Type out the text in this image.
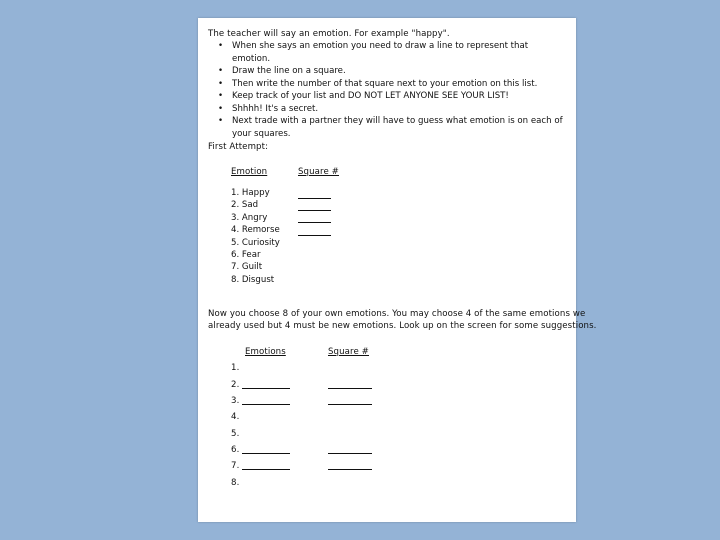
The teacher will say an emotion. For example "happy".
• When she says an emotion you need to draw a line to represent that emotion.
• Draw the line on a square.
• Then write the number of that square next to your emotion on this list.
• Keep track of your list and DO NOT LET ANYONE SEE YOUR LIST!
• Shhhh! It's a secret.
• Next trade with a partner they will have to guess what emotion is on each of your squares.
First Attempt:
Emotion	Square #
1. Happy
2. Sad
3. Angry
4. Remorse
5. Curiosity
6. Fear
7. Guilt
8. Disgust
Now you choose 8 of your own emotions. You may choose 4 of the same emotions we
already used but 4 must be new emotions. Look up on the screen for some suggestions.
Emotions	Square #
1.
2.
3.
4.
5.
6.
7.
8.
